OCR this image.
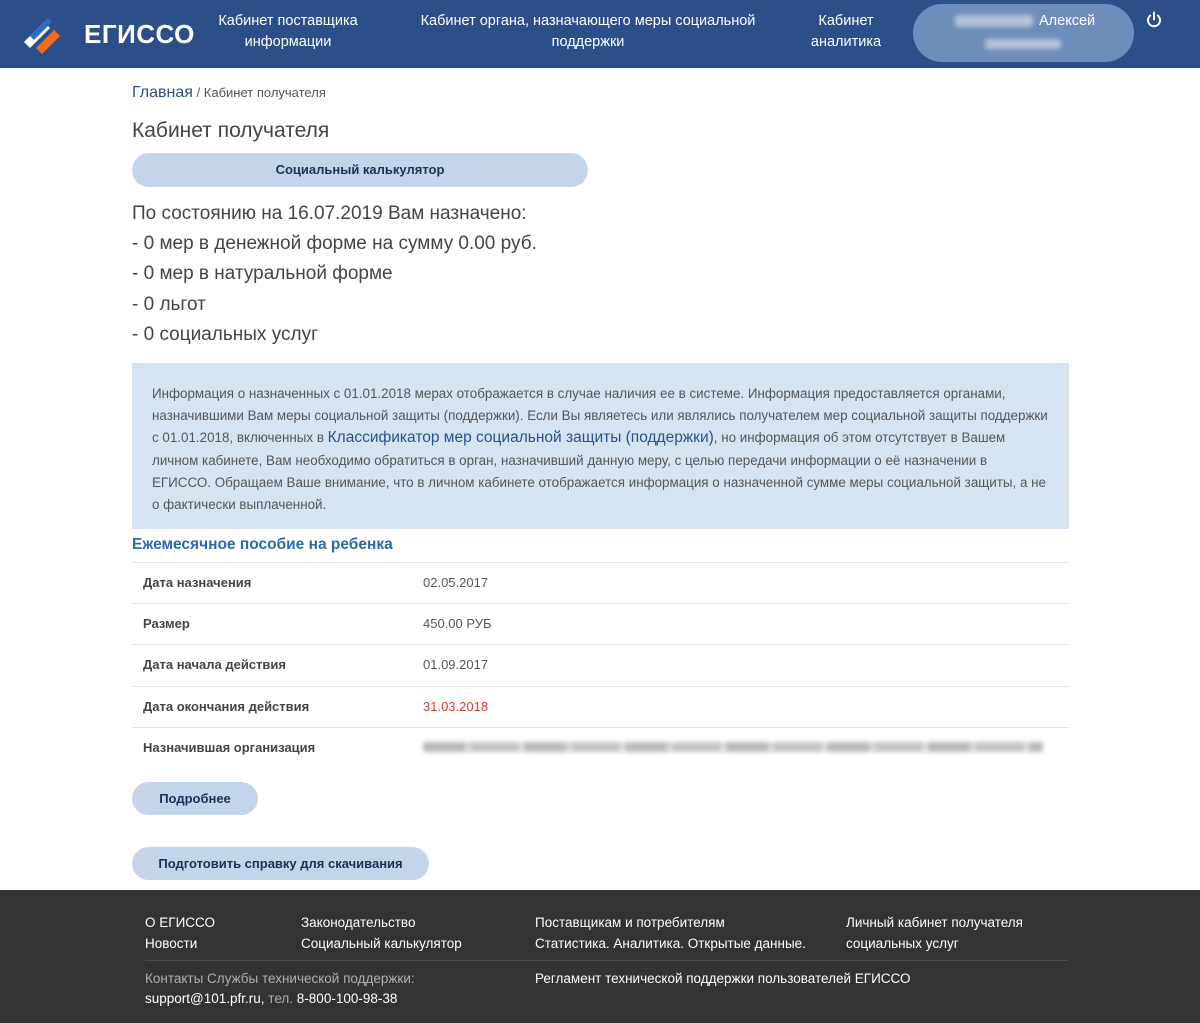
ЕГИССО	Кабинет поставщика информации
Кабинет органа, назначающего меры социальной поддержки
Кабинет аналитика
Алексей
Главная / Кабинет получателя
Кабинет получателя
Социальный калькулятор
По состоянию на 16.07.2019 Вам назначено:
- 0 мер в денежной форме на сумму 0.00 руб.
- 0 мер в натуральной форме
- 0 льгот
- 0 социальных услуг
Информация о назначенных с 01.01.2018 мерах отображается в случае наличия ее в системе. Информация предоставляется органами, назначившими Вам меры социальной защиты (поддержки). Если Вы являетесь или являлись получателем мер социальной защиты поддержки с 01.01.2018, включенных в Классификатор мер социальной защиты (поддержки), но информация об этом отсутствует в Вашем личном кабинете, Вам необходимо обратиться в орган, назначивший данную меру, с целью передачи информации о её назначении в ЕГИССО. Обращаем Ваше внимание, что в личном кабинете отображается информация о назначенной сумме меры социальной защиты, а не о фактически выплаченной.
Ежемесячное пособие на ребенка
Дата назначения	02.05.2017
Размер	450.00 РУБ
Дата начала действия	01.09.2017
Дата окончания действия	31.03.2018
Назначившая организация
Подробнее
Подготовить справку для скачивания
О ЕГИССО
Новости
Законодательство
Социальный калькулятор
Поставщикам и потребителям
Статистика. Аналитика. Открытые данные.
Личный кабинет получателя
социальных услуг
Контакты Службы технической поддержки:
support@101.pfr.ru, тел. 8-800-100-98-38
Регламент технической поддержки пользователей ЕГИССО
